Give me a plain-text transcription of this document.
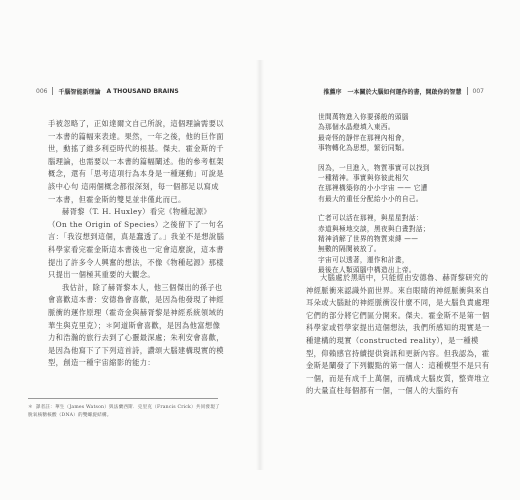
006 千腦智能新理論 A THOUSAND BRAINS

手被忽略了，正如達爾文自己所說，這個理論需要以一本書的篇幅來表達。果然，一年之後，他的巨作面世，動搖了維多利亞時代的根基。傑夫．霍金斯的千腦理論，也需要以一本書的篇幅闡述。他的參考框架概念，還有「思考這項行為本身是一種運動」可說是該中心句 這兩個概念都很深刻，每一個都足以寫成一本書，但霍金斯的雙見並非僅此而已。

赫胥黎（T. H. Huxley）看完《物種起源》（On the Origin of Species）之後留下了一句名言：「我沒想到這個，真是蠢透了。」我並不是想說腦科學家看完霍金斯這本書後也一定會這麼說，這本書提出了許多令人興奮的想法，不像《物種起源》那樣只提出一個極其重要的大觀念。

我估計，除了赫胥黎本人，他三個傑出的孫子也會喜歡這本書：安德魯會喜歡，是因為他發現了神經脈衝的運作原理（霍奇金與赫胥黎是神經系統領域的華生與克里克）；＊阿道斯會喜歡，是因為他富想像力和浩瀚的旅行去到了心靈最深處；朱利安會喜歡，是因為他寫下了下列這首詩，讚頌大腦建構現實的模型，創造一種宇宙縮影的能力：

＊ 譯者註：華生（James Watson）與法蘭西斯．克里克（Francis Crick）共同發現了脫氧核糖核酸（DNA）的雙螺旋結構。
推薦序 一本關於大腦如何運作的書，開啟你的智慧 007
世間萬物進入你要孫般的頭腦
為那個水晶燈填入東西。
最奇怪的靜伴在那裡內相會，
事物轉化為思想，繁衍同類。
因為，一旦進入，物質事實可以找到
一種精神。事實與你彼此相欠
在那裡構築你的小小宇宙 —— 它遭
有最大的重任分配給小小的自己。
亡者可以活在那裡，與星星對話：
赤道與極地交談，黑夜與白晝對話；
精神消解了世界的物質束縛 ——
無數的隔閡被放了。
宇宙可以透著，運作和計畫，
最後在人類頭腦中構造出上帝。

大腦處於黑暗中，只能經由安德魯、赫胥黎研究的神經脈衝來認識外面世界。來自眼睛的神經脈衝與來自耳朵或大腦趾的神經脈衝沒什麼不同，是大腦負責處理它們的部分將它們區分開來。傑夫．霍金斯不是第一個科學家或哲學家提出這個想法，我們所感知的現實是一種建構的現實（constructed reality），是一種模型，仰賴感官持續提供資訊和更新內容。但我認為，霍金斯是闡發了下列觀點的第一個人：這種模型不是只有一個，而是有成千上萬個，而構成大腦皮質，整齊堆立的大量直柱每個都有一個，一個人的大腦約有
